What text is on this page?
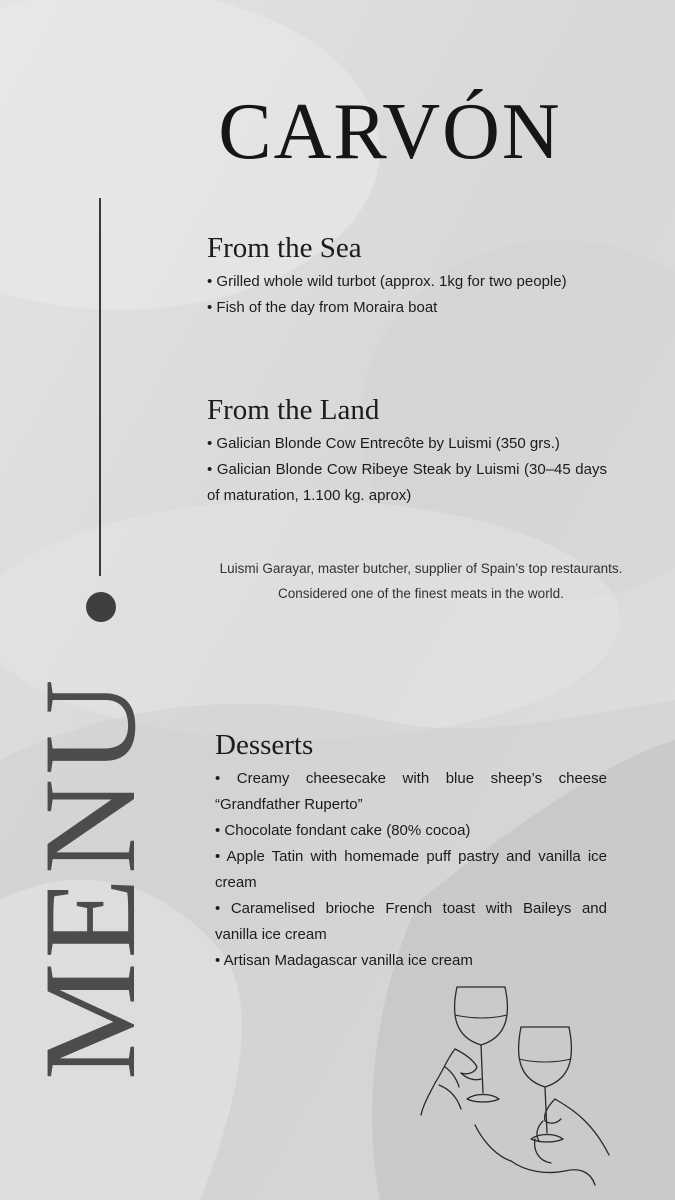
CARVÓN
MENU
From the Sea

• Grilled whole wild turbot (approx. 1kg for two people)

• Fish of the day from Moraira boat

From the Land

• Galician Blonde Cow Entrecôte by Luismi (350 grs.)

• Galician Blonde Cow Ribeye Steak by Luismi (30–45 days of maturation, 1.100 kg. aprox)

Luismi Garayar, master butcher, supplier of Spain’s top restaurants.
Considered one of the finest meats in the world.
Desserts

• Creamy cheesecake with blue sheep’s cheese “Grandfather Ruperto”

• Chocolate fondant cake (80% cocoa)

• Apple Tatin with homemade puff pastry and vanilla ice cream

• Caramelised brioche French toast with Baileys and vanilla ice cream

• Artisan Madagascar vanilla ice cream
